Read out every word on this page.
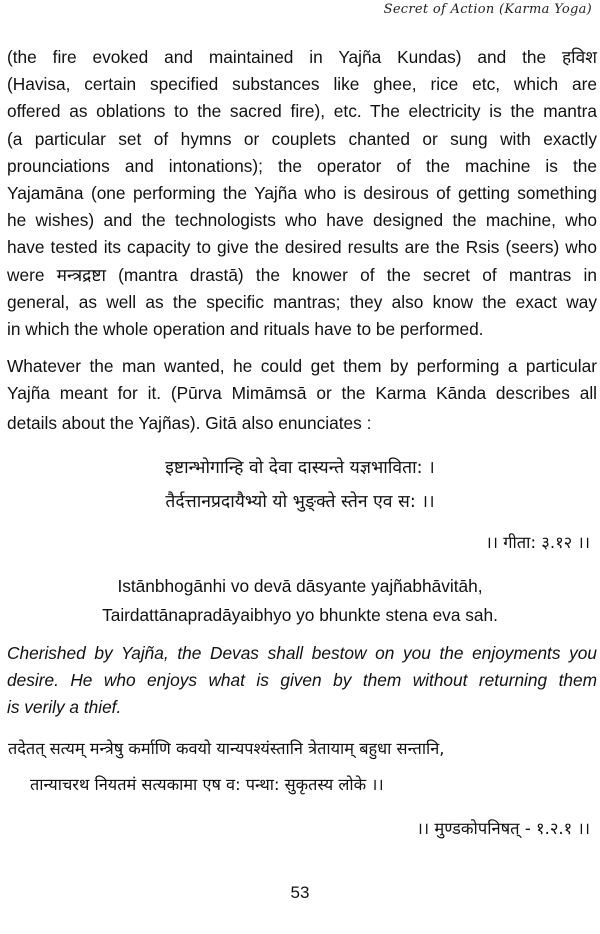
Secret of Action (Karma Yoga)
(the fire evoked and maintained in Yajña Kundas) and the हविश
(Havisa, certain specified substances like ghee, rice etc, which are
offered as oblations to the sacred fire), etc. The electricity is the mantra
(a particular set of hymns or couplets chanted or sung with exactly
prounciations and intonations); the operator of the machine is the
Yajamāna (one performing the Yajña who is desirous of getting something
he wishes) and the technologists who have designed the machine, who
have tested its capacity to give the desired results are the Rsis (seers) who
were मन्त्रद्रष्टा (mantra drastā) the knower of the secret of mantras in
general, as well as the specific mantras; they also know the exact way
in which the whole operation and rituals have to be performed.
Whatever the man wanted, he could get them by performing a particular
Yajña meant for it. (Pūrva Mimāmsā or the Karma Kānda describes all
details about the Yajñas). Gitā also enunciates :
इष्टान्भोगान्हि वो देवा दास्यन्ते यज्ञभाविता: ।
तैर्दत्तानप्रदायैभ्यो यो भुङ्क्ते स्तेन एव स: ।।
।। गीता: ३.१२ ।।
Istānbhogānhi vo devā dāsyante yajñabhāvitāh,
Tairdattānapradāyaibhyo yo bhunkte stena eva sah.
Cherished by Yajña, the Devas shall bestow on you the enjoyments you
desire. He who enjoys what is given by them without returning them
is verily a thief.
तदेतत् सत्यम् मन्त्रेषु कर्माणि कवयो यान्यपश्यंस्तानि त्रेतायाम् बहुधा सन्तानि,
तान्याचरथ नियतमं सत्यकामा एष व: पन्था: सुकृतस्य लोके ।।
।। मुण्डकोपनिषत् - १.२.१ ।।
53
